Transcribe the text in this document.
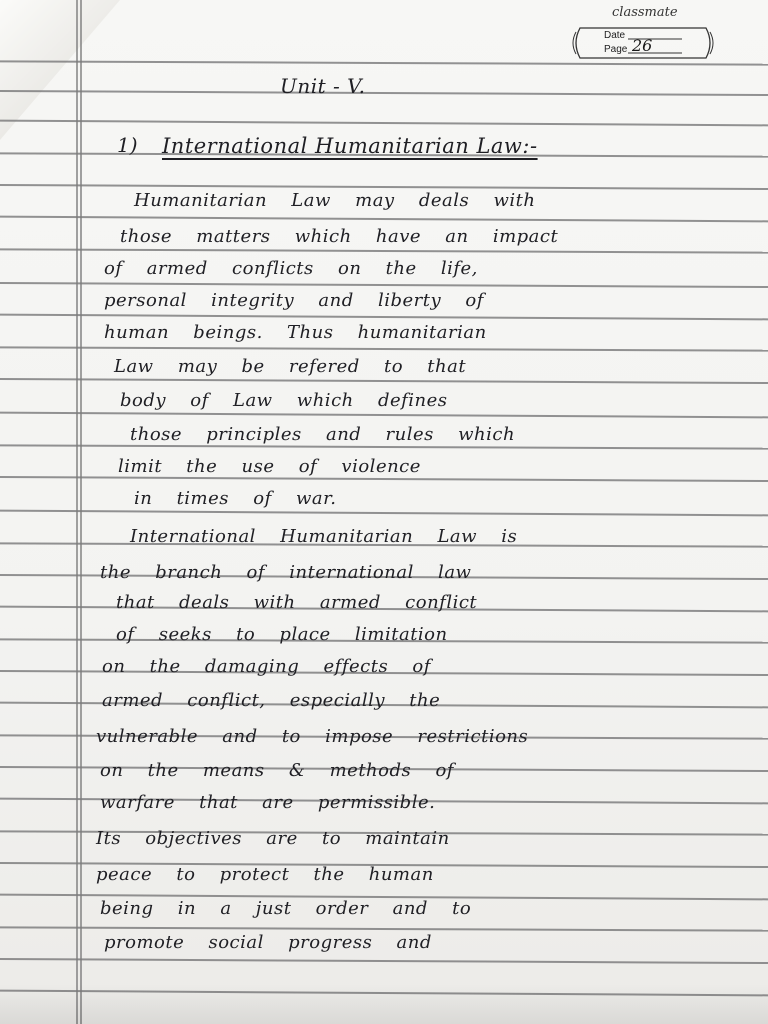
classmate
Date
Page 26
Unit - V.
1) International Humanitarian Law:-
Humanitarian Law may deals with
those matters which have an impact
of armed conflicts on the life,
personal integrity and liberty of
human beings. Thus humanitarian
Law may be refered to that
body of Law which defines
those principles and rules which
limit the use of violence
in times of war.
International Humanitarian Law is
the branch of international law
that deals with armed conflict
of seeks to place limitation
on the damaging effects of
armed conflict, especially the
vulnerable and to impose restrictions
on the means & methods of
warfare that are permissible.
Its objectives are to maintain
peace to protect the human
being in a just order and to
promote social progress and
